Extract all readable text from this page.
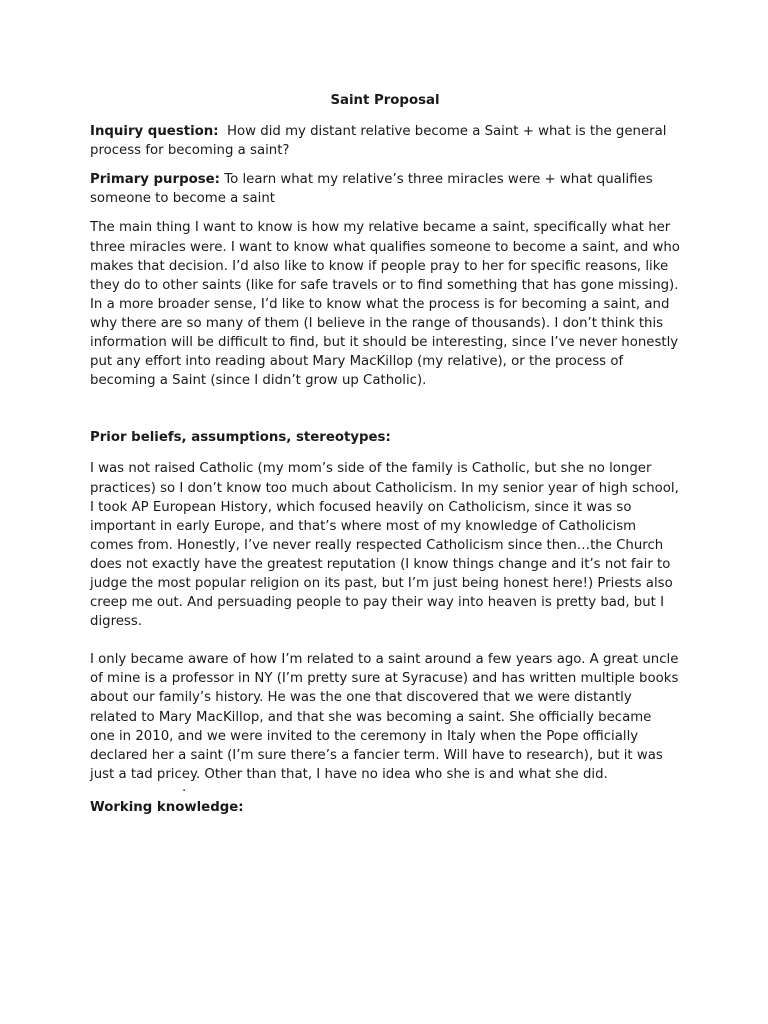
Saint Proposal

Inquiry question: How did my distant relative become a Saint + what is the general process for becoming a saint?

Primary purpose: To learn what my relative’s three miracles were + what qualifies someone to become a saint

The main thing I want to know is how my relative became a saint, specifically what her three miracles were. I want to know what qualifies someone to become a saint, and who makes that decision. I’d also like to know if people pray to her for specific reasons, like they do to other saints (like for safe travels or to find something that has gone missing). In a more broader sense, I’d like to know what the process is for becoming a saint, and why there are so many of them (I believe in the range of thousands). I don’t think this information will be difficult to find, but it should be interesting, since I’ve never honestly put any effort into reading about Mary MacKillop (my relative), or the process of becoming a Saint (since I didn’t grow up Catholic).

Prior beliefs, assumptions, stereotypes:

I was not raised Catholic (my mom’s side of the family is Catholic, but she no longer practices) so I don’t know too much about Catholicism. In my senior year of high school, I took AP European History, which focused heavily on Catholicism, since it was so important in early Europe, and that’s where most of my knowledge of Catholicism comes from. Honestly, I’ve never really respected Catholicism since then…the Church does not exactly have the greatest reputation (I know things change and it’s not fair to judge the most popular religion on its past, but I’m just being honest here!) Priests also creep me out. And persuading people to pay their way into heaven is pretty bad, but I digress.

I only became aware of how I’m related to a saint around a few years ago. A great uncle of mine is a professor in NY (I’m pretty sure at Syracuse) and has written multiple books about our family’s history. He was the one that discovered that we were distantly related to Mary MacKillop, and that she was becoming a saint. She officially became one in 2010, and we were invited to the ceremony in Italy when the Pope officially declared her a saint (I’m sure there’s a fancier term. Will have to research), but it was just a tad pricey. Other than that, I have no idea who she is and what she did.

.

Working knowledge:
